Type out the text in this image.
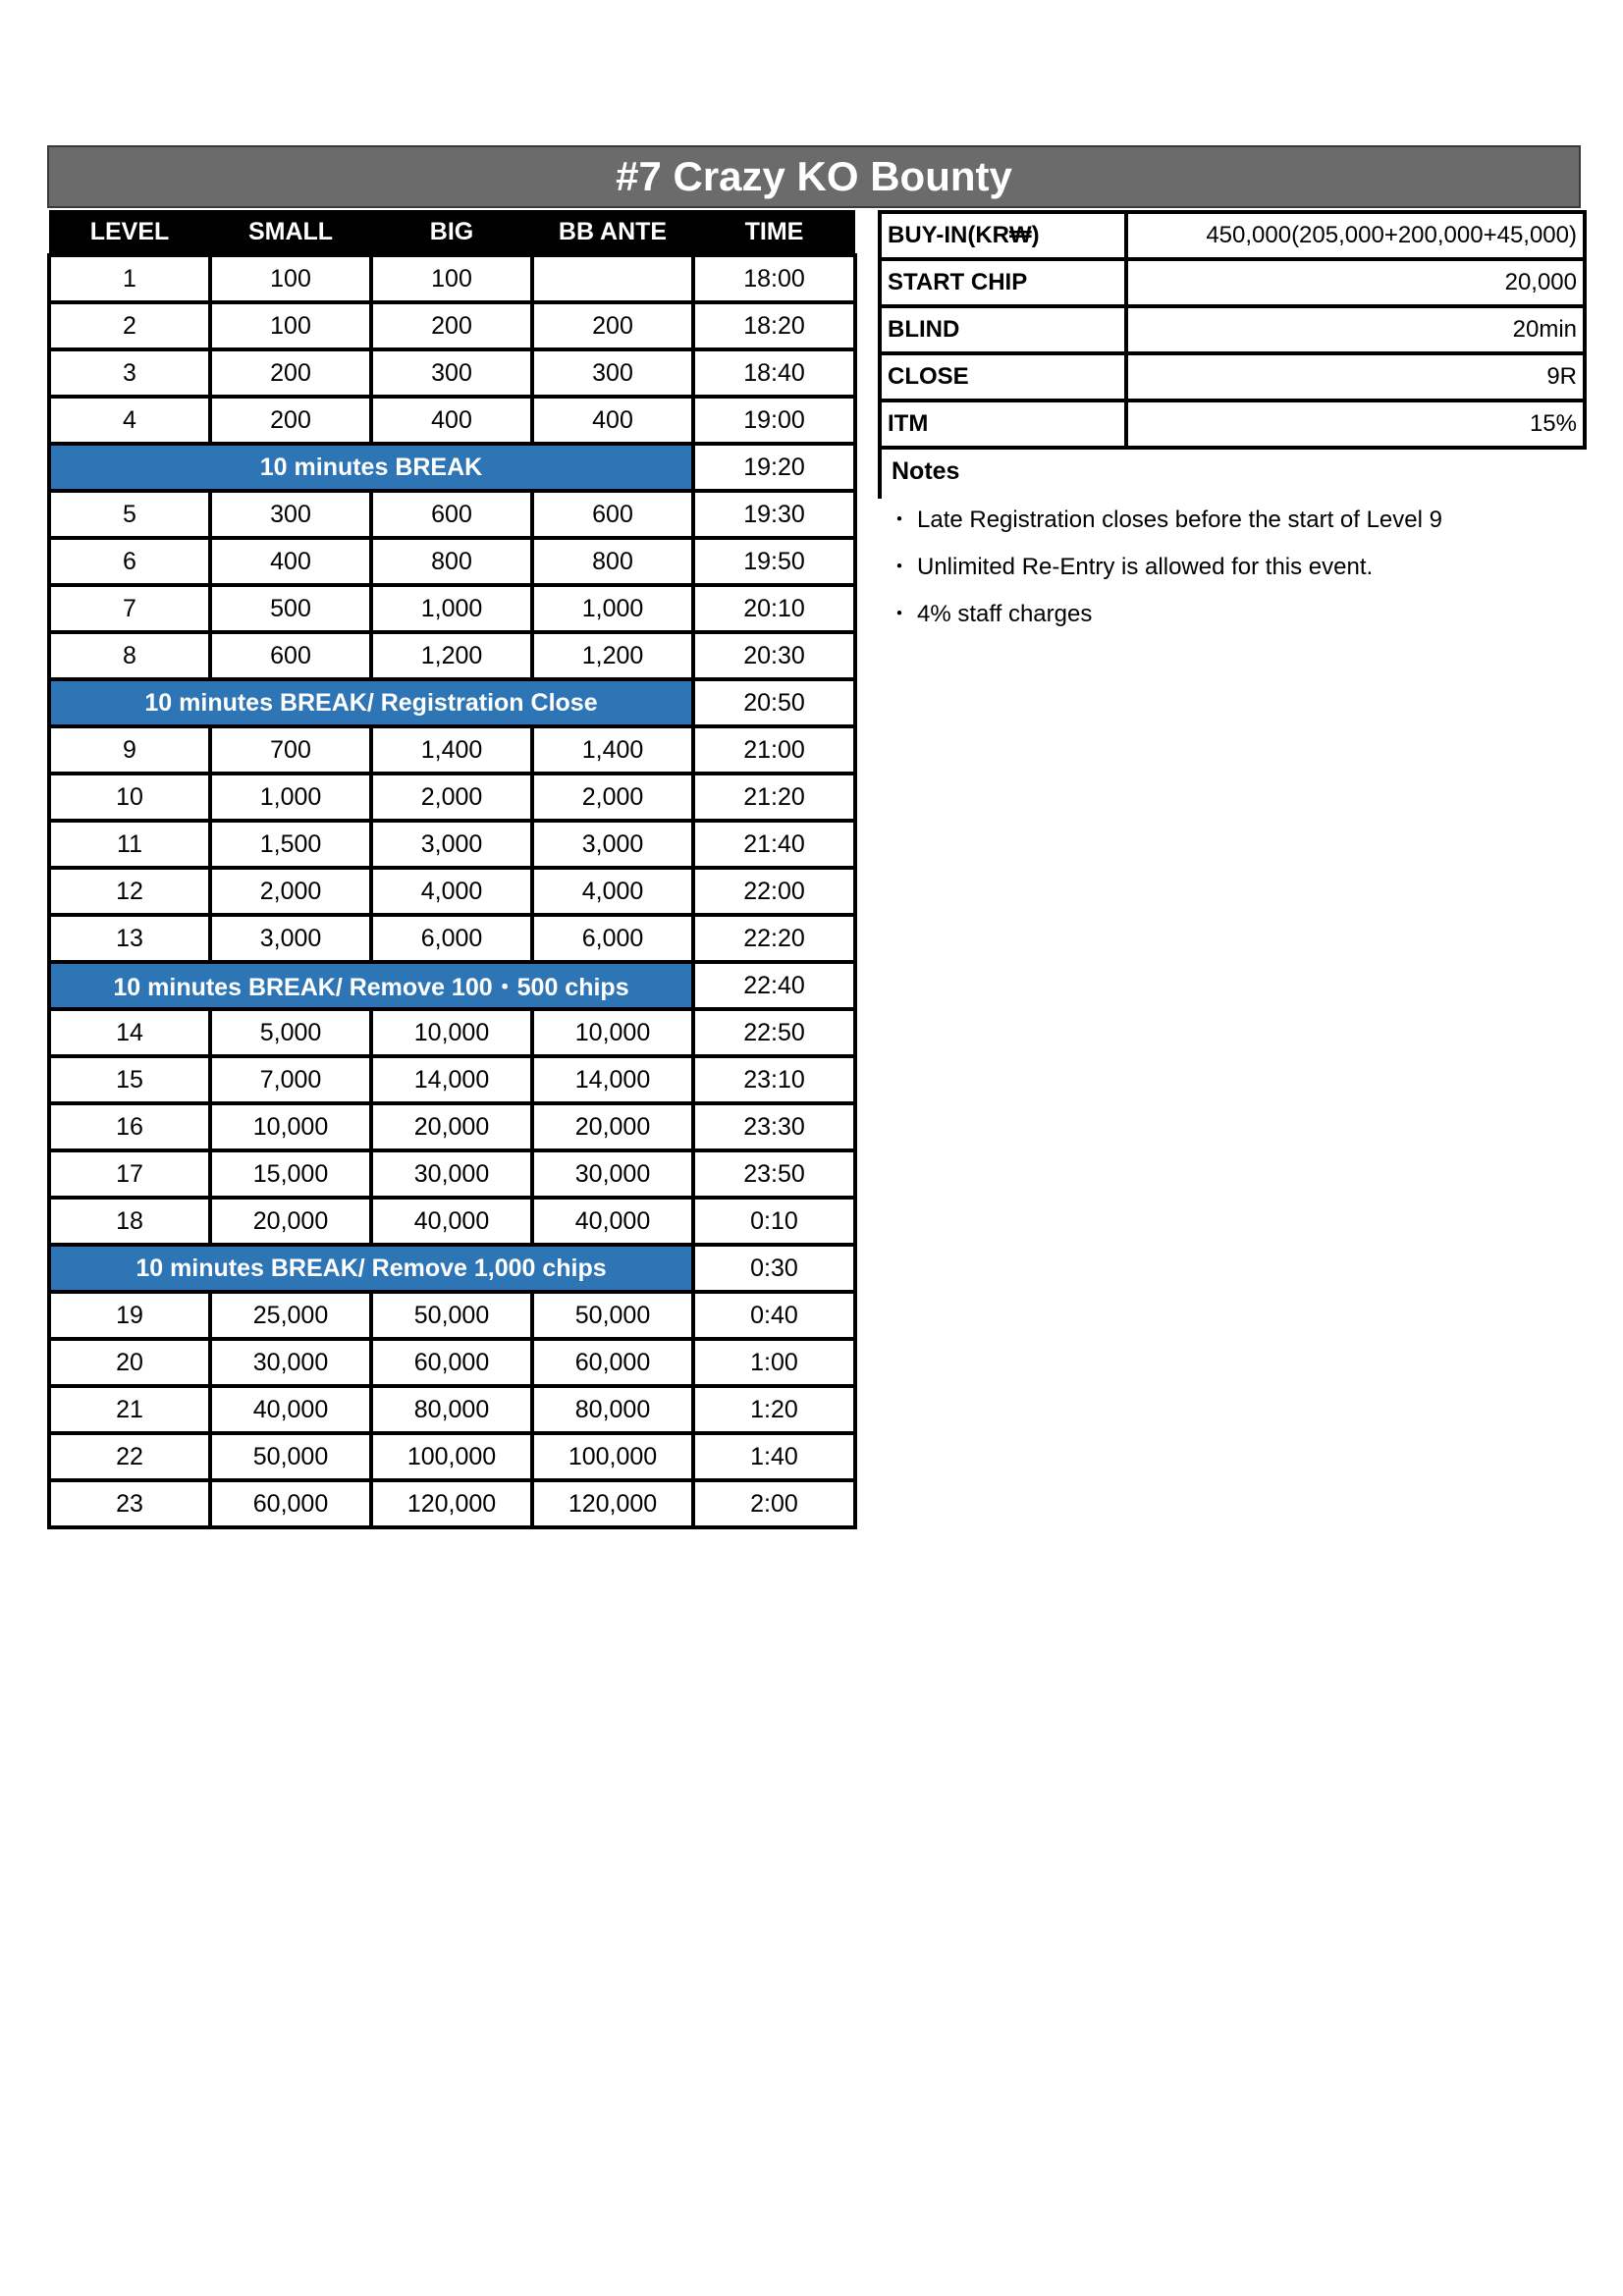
#7 Crazy KO Bounty
LEVEL	SMALL	BIG	BB ANTE	TIME
1	100	100		18:00
2	100	200	200	18:20
3	200	300	300	18:40
4	200	400	400	19:00
10 minutes BREAK				19:20
5	300	600	600	19:30
6	400	800	800	19:50
7	500	1,000	1,000	20:10
8	600	1,200	1,200	20:30
10 minutes BREAK/ Registration Close				20:50
9	700	1,400	1,400	21:00
10	1,000	2,000	2,000	21:20
11	1,500	3,000	3,000	21:40
12	2,000	4,000	4,000	22:00
13	3,000	6,000	6,000	22:20
10 minutes BREAK/ Remove 100・500 chips				22:40
14	5,000	10,000	10,000	22:50
15	7,000	14,000	14,000	23:10
16	10,000	20,000	20,000	23:30
17	15,000	30,000	30,000	23:50
18	20,000	40,000	40,000	0:10
10 minutes BREAK/ Remove 1,000 chips				0:30
19	25,000	50,000	50,000	0:40
20	30,000	60,000	60,000	1:00
21	40,000	80,000	80,000	1:20
22	50,000	100,000	100,000	1:40
23	60,000	120,000	120,000	2:00
BUY-IN(KR₩)	450,000(205,000+200,000+45,000)
START CHIP	20,000
BLIND	20min
CLOSE	9R
ITM	15%
Notes
・ Late Registration closes before the start of Level 9
・ Unlimited Re-Entry is allowed for this event.
・ 4% staff charges
